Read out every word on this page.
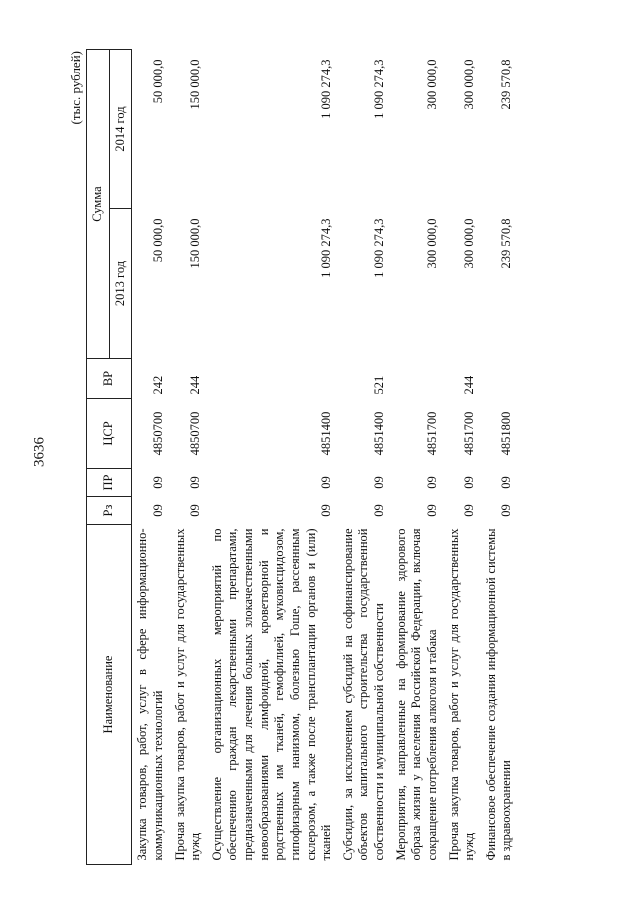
3636
(тыс. рублей)
Наименование	Рз	ПР	ЦСР	ВР	Сумма	
					2013 год	2014 год
Закупка товаров, работ, услуг в сфере информационно-коммуникационных технологий	09	09	4850700	242	50 000,0	50 000,0
Прочая закупка товаров, работ и услуг для государственных нужд	09	09	4850700	244	150 000,0	150 000,0
Осуществление организационных мероприятий по обеспечению граждан лекарственными препаратами, предназначенными для лечения больных злокачественными новообразованиями лимфоидной, кроветворной и родственных им тканей, гемофилией, муковисцидозом, гипофизарным нанизмом, болезнью Гоше, рассеянным склерозом, а также после трансплантации органов и (или) тканей	09	09	4851400		1 090 274,3	1 090 274,3
Субсидии, за исключением субсидий на софинансирование объектов капитального строительства государственной собственности и муниципальной собственности	09	09	4851400	521	1 090 274,3	1 090 274,3
Мероприятия, направленные на формирование здорового образа жизни у населения Российской Федерации, включая сокращение потребления алкоголя и табака	09	09	4851700		300 000,0	300 000,0
Прочая закупка товаров, работ и услуг для государственных нужд	09	09	4851700	244	300 000,0	300 000,0
Финансовое обеспечение создания информационной системы в здравоохранении	09	09	4851800		239 570,8	239 570,8
